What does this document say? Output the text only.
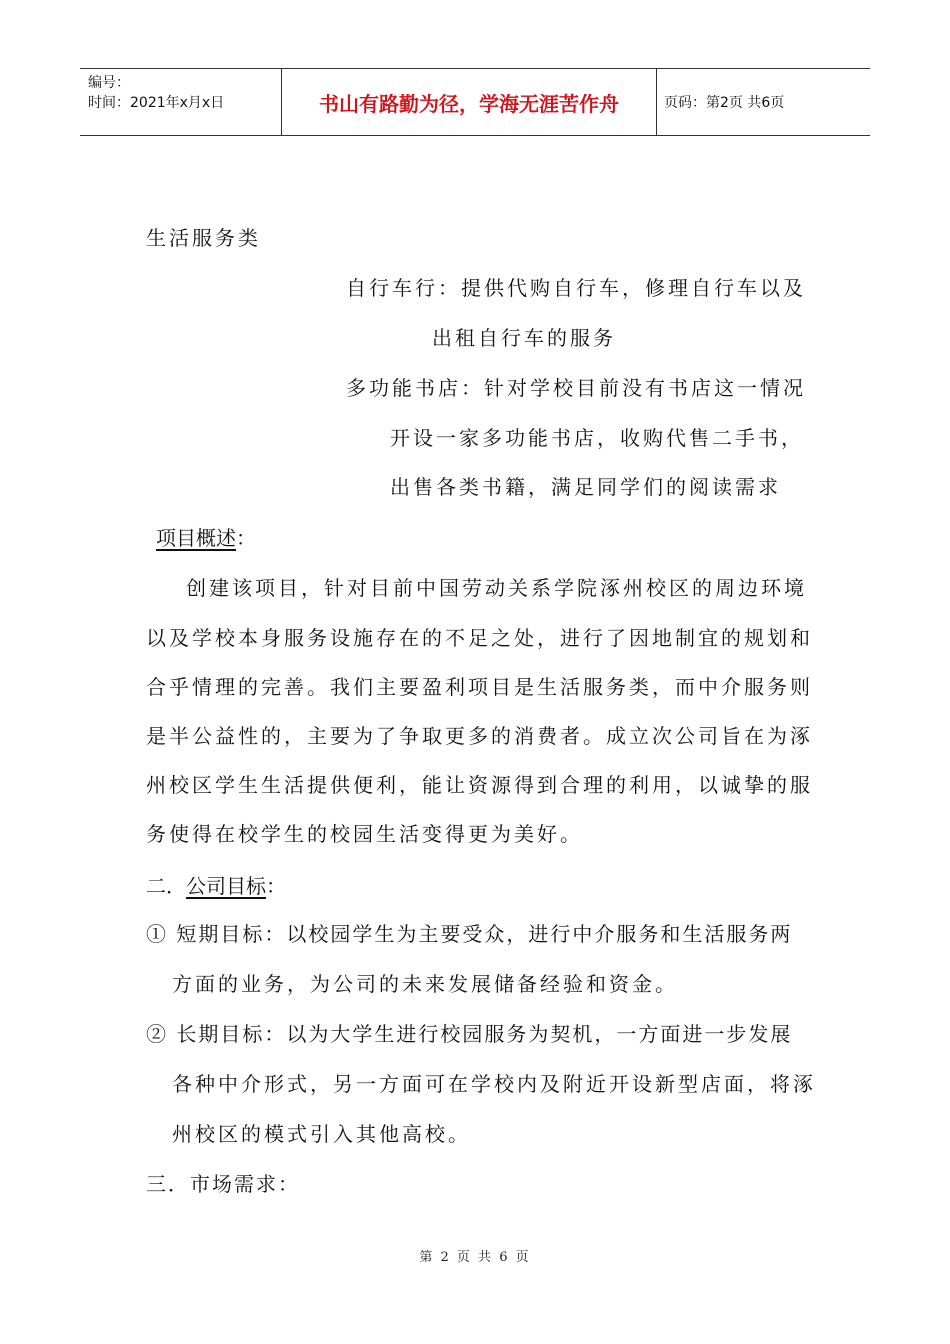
编号：
时间：2021年x月x日	书山有路勤为径，学海无涯苦作舟	页码：第2页 共6页
生活服务类
自行车行：提供代购自行车，修理自行车以及
出租自行车的服务
多功能书店：针对学校目前没有书店这一情况
开设一家多功能书店，收购代售二手书，
出售各类书籍，满足同学们的阅读需求
项目概述：
创建该项目，针对目前中国劳动关系学院涿州校区的周边环境
以及学校本身服务设施存在的不足之处，进行了因地制宜的规划和
合乎情理的完善。我们主要盈利项目是生活服务类，而中介服务则
是半公益性的，主要为了争取更多的消费者。成立次公司旨在为涿
州校区学生生活提供便利，能让资源得到合理的利用，以诚挚的服
务使得在校学生的校园生活变得更为美好。
二．公司目标：
① 短期目标：以校园学生为主要受众，进行中介服务和生活服务两
方面的业务，为公司的未来发展储备经验和资金。
② 长期目标：以为大学生进行校园服务为契机，一方面进一步发展
各种中介形式，另一方面可在学校内及附近开设新型店面，将涿
州校区的模式引入其他高校。
三．市场需求：
第 2 页 共 6 页
